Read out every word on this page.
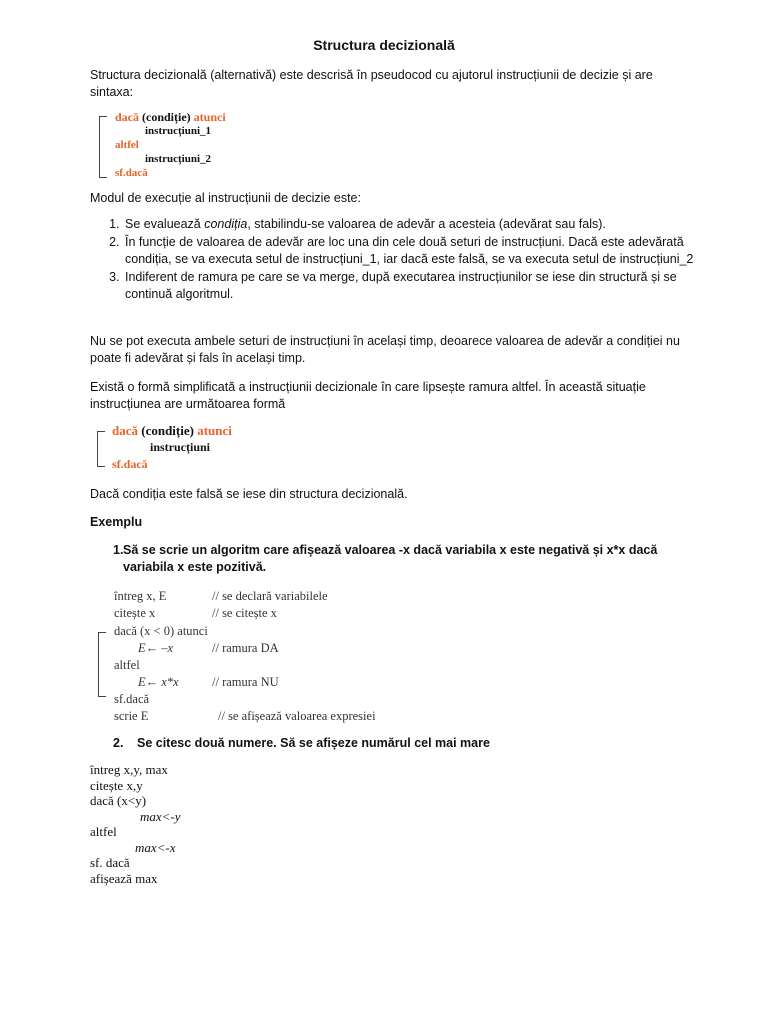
Structura decizională
Structura decizională (alternativă) este descrisă în pseudocod cu ajutorul instrucțiunii de decizie și are sintaxa:
dacă (condiție) atunci
instrucțiuni_1
altfel
instrucțiuni_2
sf.dacă
Modul de execuție al instrucțiunii de decizie este:
1. Se evaluează condiția, stabilindu-se valoarea de adevăr a acesteia (adevărat sau fals).
2. În funcție de valoarea de adevăr are loc una din cele două seturi de instrucțiuni. Dacă este adevărată condiția, se va executa setul de instrucțiuni_1, iar dacă este falsă, se va executa setul de instrucțiuni_2
3. Indiferent de ramura pe care se va merge, după executarea instrucțiunilor se iese din structură și se continuă algoritmul.
Nu se pot executa ambele seturi de instrucțiuni în același timp, deoarece valoarea de adevăr a condiției nu poate fi adevărat și fals în același timp.
Există o formă simplificată a instrucțiunii decizionale în care lipsește ramura altfel. În această situație instrucțiunea are următoarea formă
dacă (condiție) atunci
instrucțiuni
sf.dacă
Dacă condiția este falsă se iese din structura decizională.
Exemplu
1. Să se scrie un algoritm care afișează valoarea -x dacă variabila x este negativă și x*x dacă variabila x este pozitivă.
întreg x, E	// se declară variabilele
citește x	// se citește x
dacă (x < 0) atunci
E← –x	// ramura DA
altfel
E← x*x	// ramura NU
sf.dacă
scrie E	// se afișează valoarea expresiei
2. Se citesc două numere. Să se afișeze numărul cel mai mare
întreg x,y, max
citește x,y
dacă (x<y)
max<-y
altfel
max<-x
sf. dacă
afișează max
